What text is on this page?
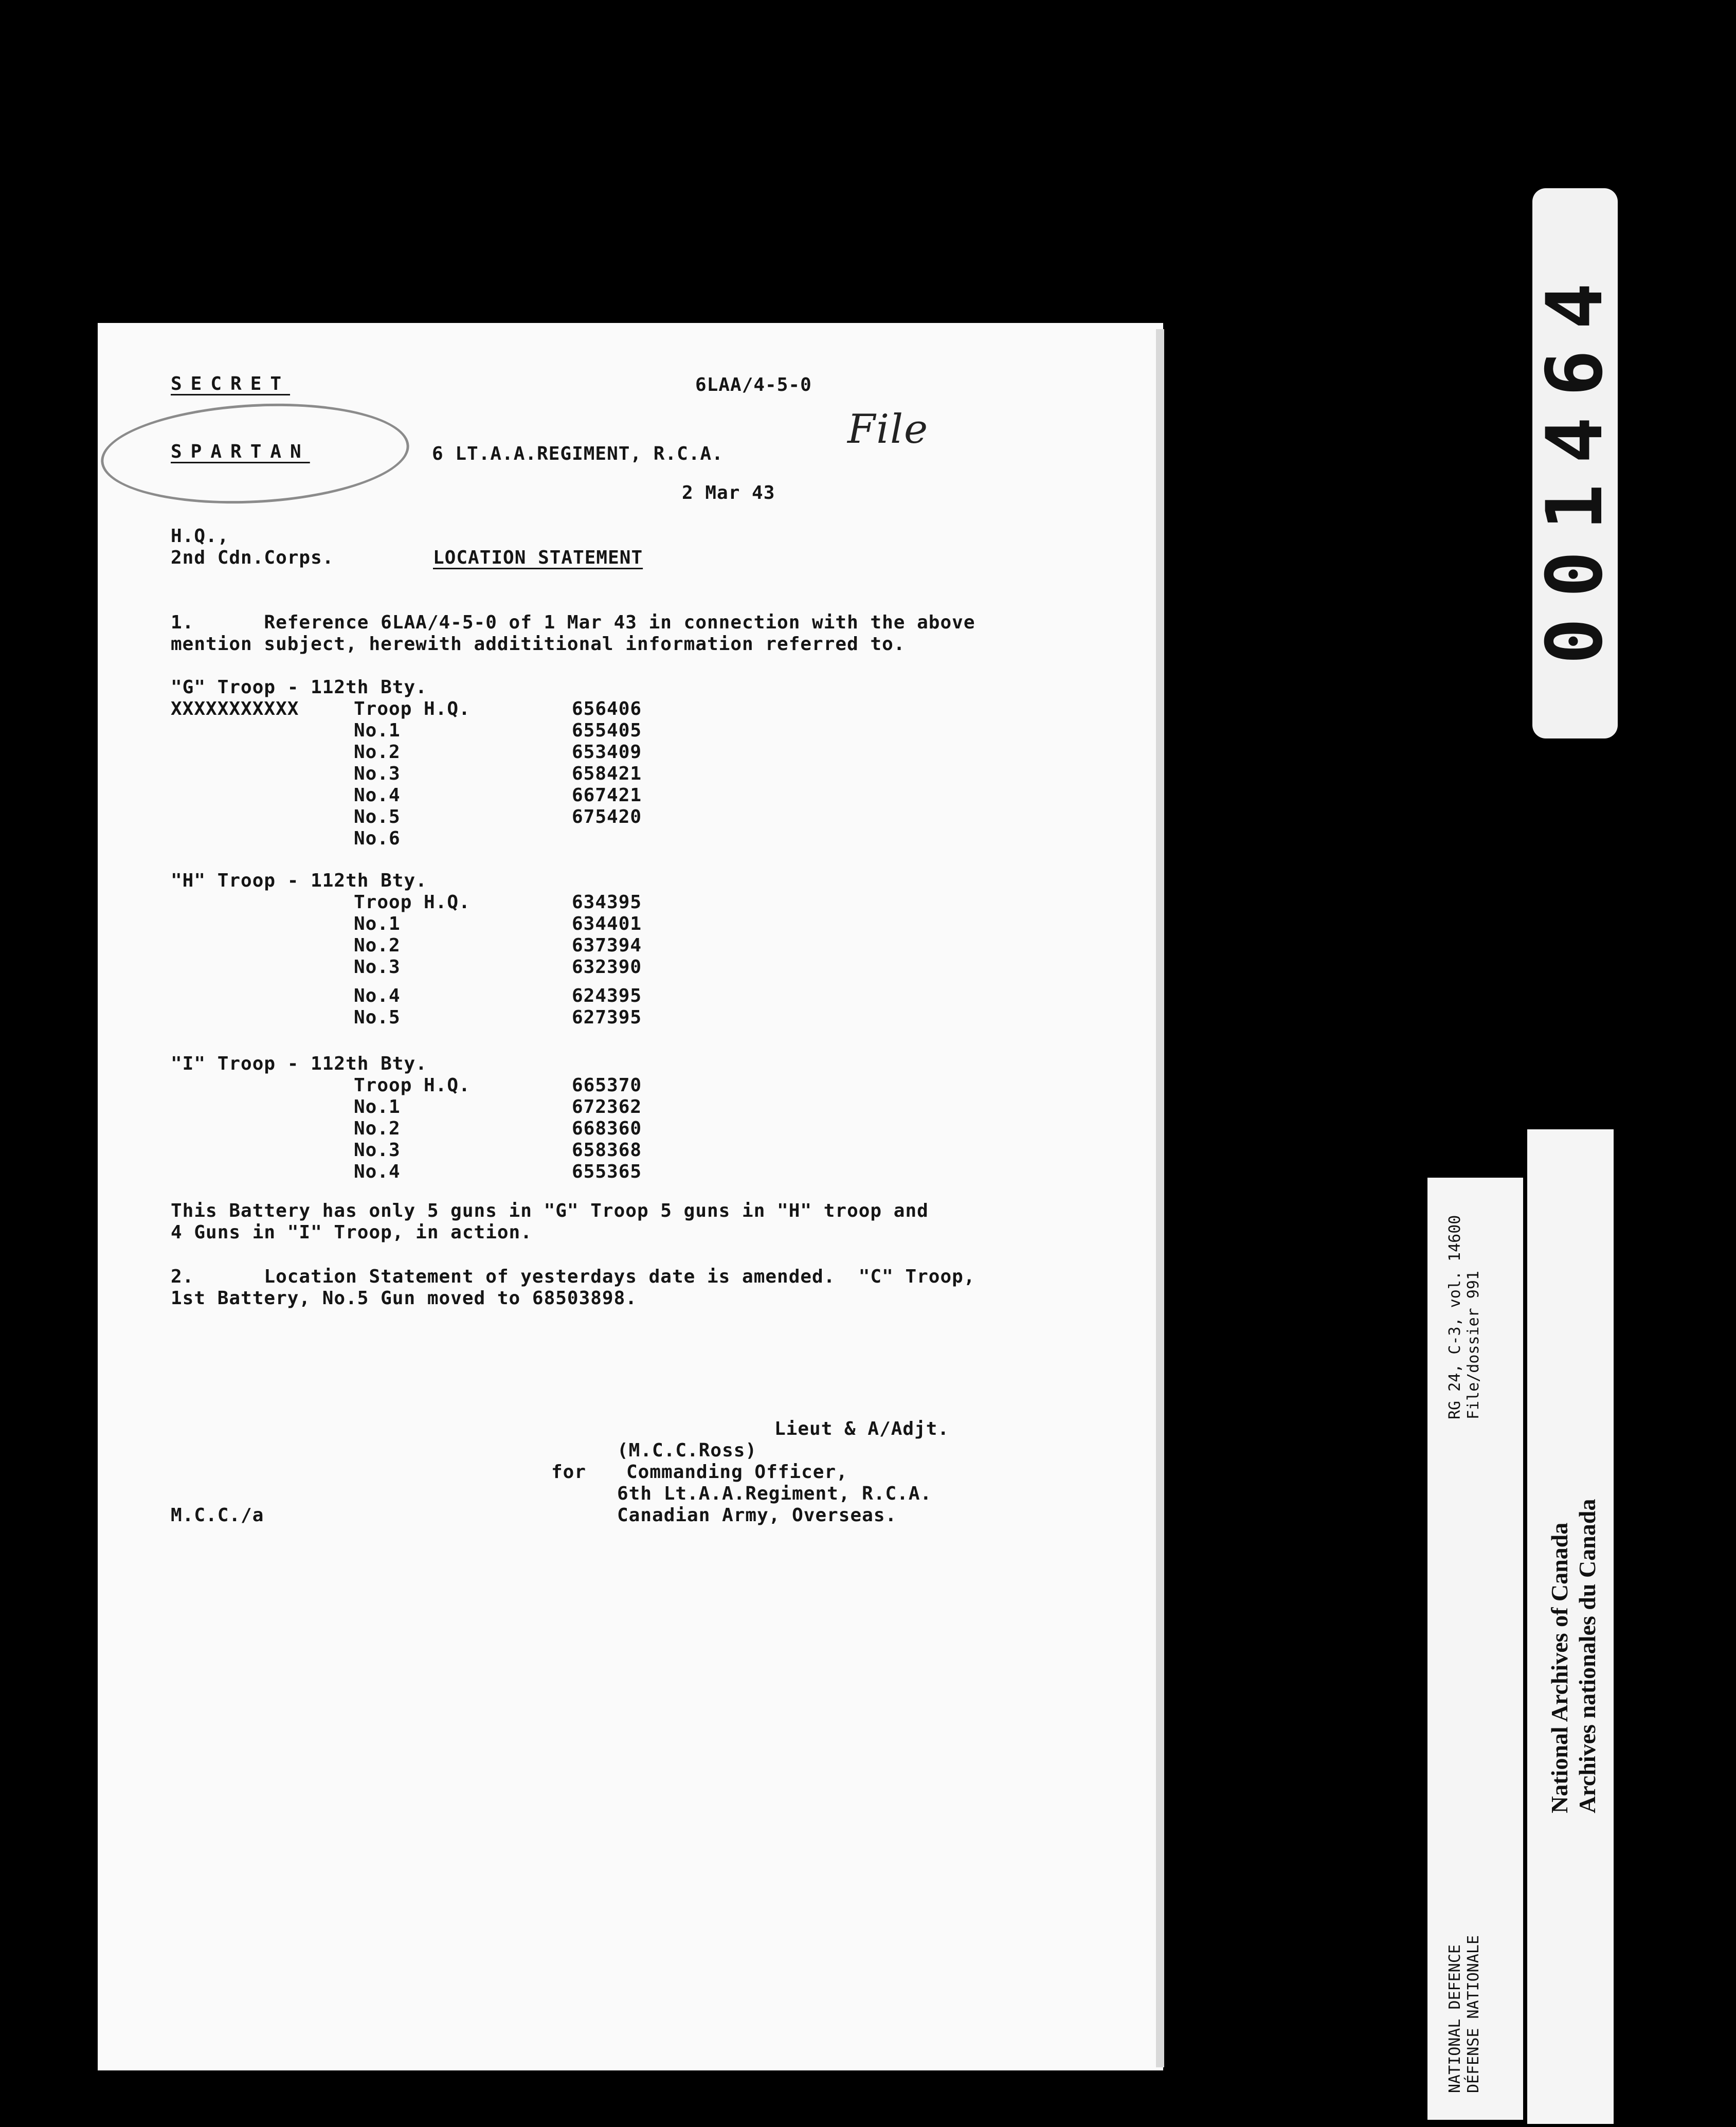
SECRET	6LAA/4-5-0
File
SPARTAN	6 LT.A.A.REGIMENT, R.C.A.
2 Mar 43
H.Q.,
2nd Cdn.Corps.	LOCATION STATEMENT
1.      Reference 6LAA/4-5-0 of 1 Mar 43 in connection with the above
mention subject, herewith addititional information referred to.
"G" Troop - 112th Bty.
XXXXXXXXXXX	Troop H.Q.	656406
No.1	655405
No.2	653409
No.3	658421
No.4	667421
No.5	675420
No.6
"H" Troop - 112th Bty.
Troop H.Q.	634395
No.1	634401
No.2	637394
No.3	632390
No.4	624395
No.5	627395
"I" Troop - 112th Bty.
Troop H.Q.	665370
No.1	672362
No.2	668360
No.3	658368
No.4	655365
This Battery has only 5 guns in "G" Troop 5 guns in "H" troop and
4 Guns in "I" Troop, in action.
2.      Location Statement of yesterdays date is amended.  "C" Troop,
1st Battery, No.5 Gun moved to 68503898.
Lieut & A/Adjt.
(M.C.C.Ross)
for Commanding Officer,
6th Lt.A.A.Regiment, R.C.A.
Canadian Army, Overseas.
M.C.C./a
001464
NATIONAL DEFENCE DÉFENSE NATIONALE
RG 24, C-3, vol. 14600 File/dossier 991
National Archives of Canada Archives nationales du Canada
